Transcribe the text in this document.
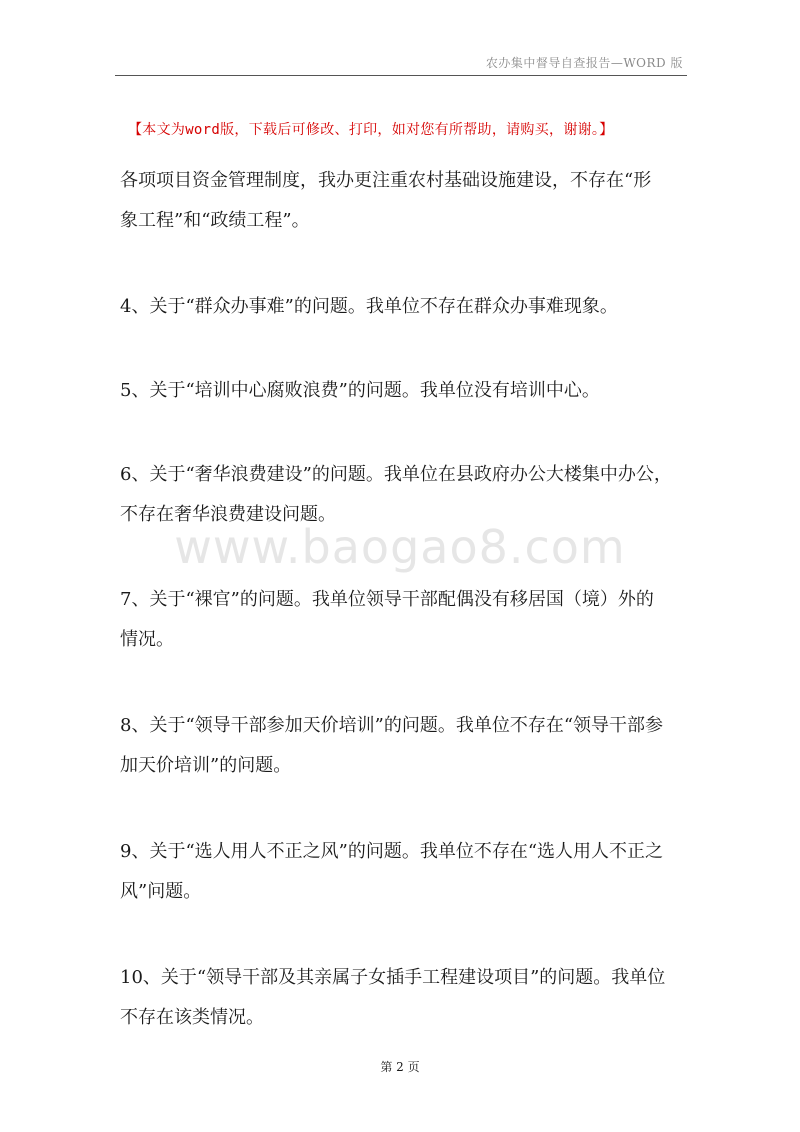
农办集中督导自查报告—WORD 版
【本文为word版，下载后可修改、打印，如对您有所帮助，请购买，谢谢。】
各项项目资金管理制度，我办更注重农村基础设施建设，不存在“形
象工程”和“政绩工程”。
4、关于“群众办事难”的问题。我单位不存在群众办事难现象。
5、关于“培训中心腐败浪费”的问题。我单位没有培训中心。
6、关于“奢华浪费建设”的问题。我单位在县政府办公大楼集中办公，
不存在奢华浪费建设问题。
www.baogao8.com
7、关于“裸官”的问题。我单位领导干部配偶没有移居国（境）外的
情况。
8、关于“领导干部参加天价培训”的问题。我单位不存在“领导干部参
加天价培训”的问题。
9、关于“选人用人不正之风”的问题。我单位不存在“选人用人不正之
风”问题。
10、关于“领导干部及其亲属子女插手工程建设项目”的问题。我单位
不存在该类情况。
第 2 页
